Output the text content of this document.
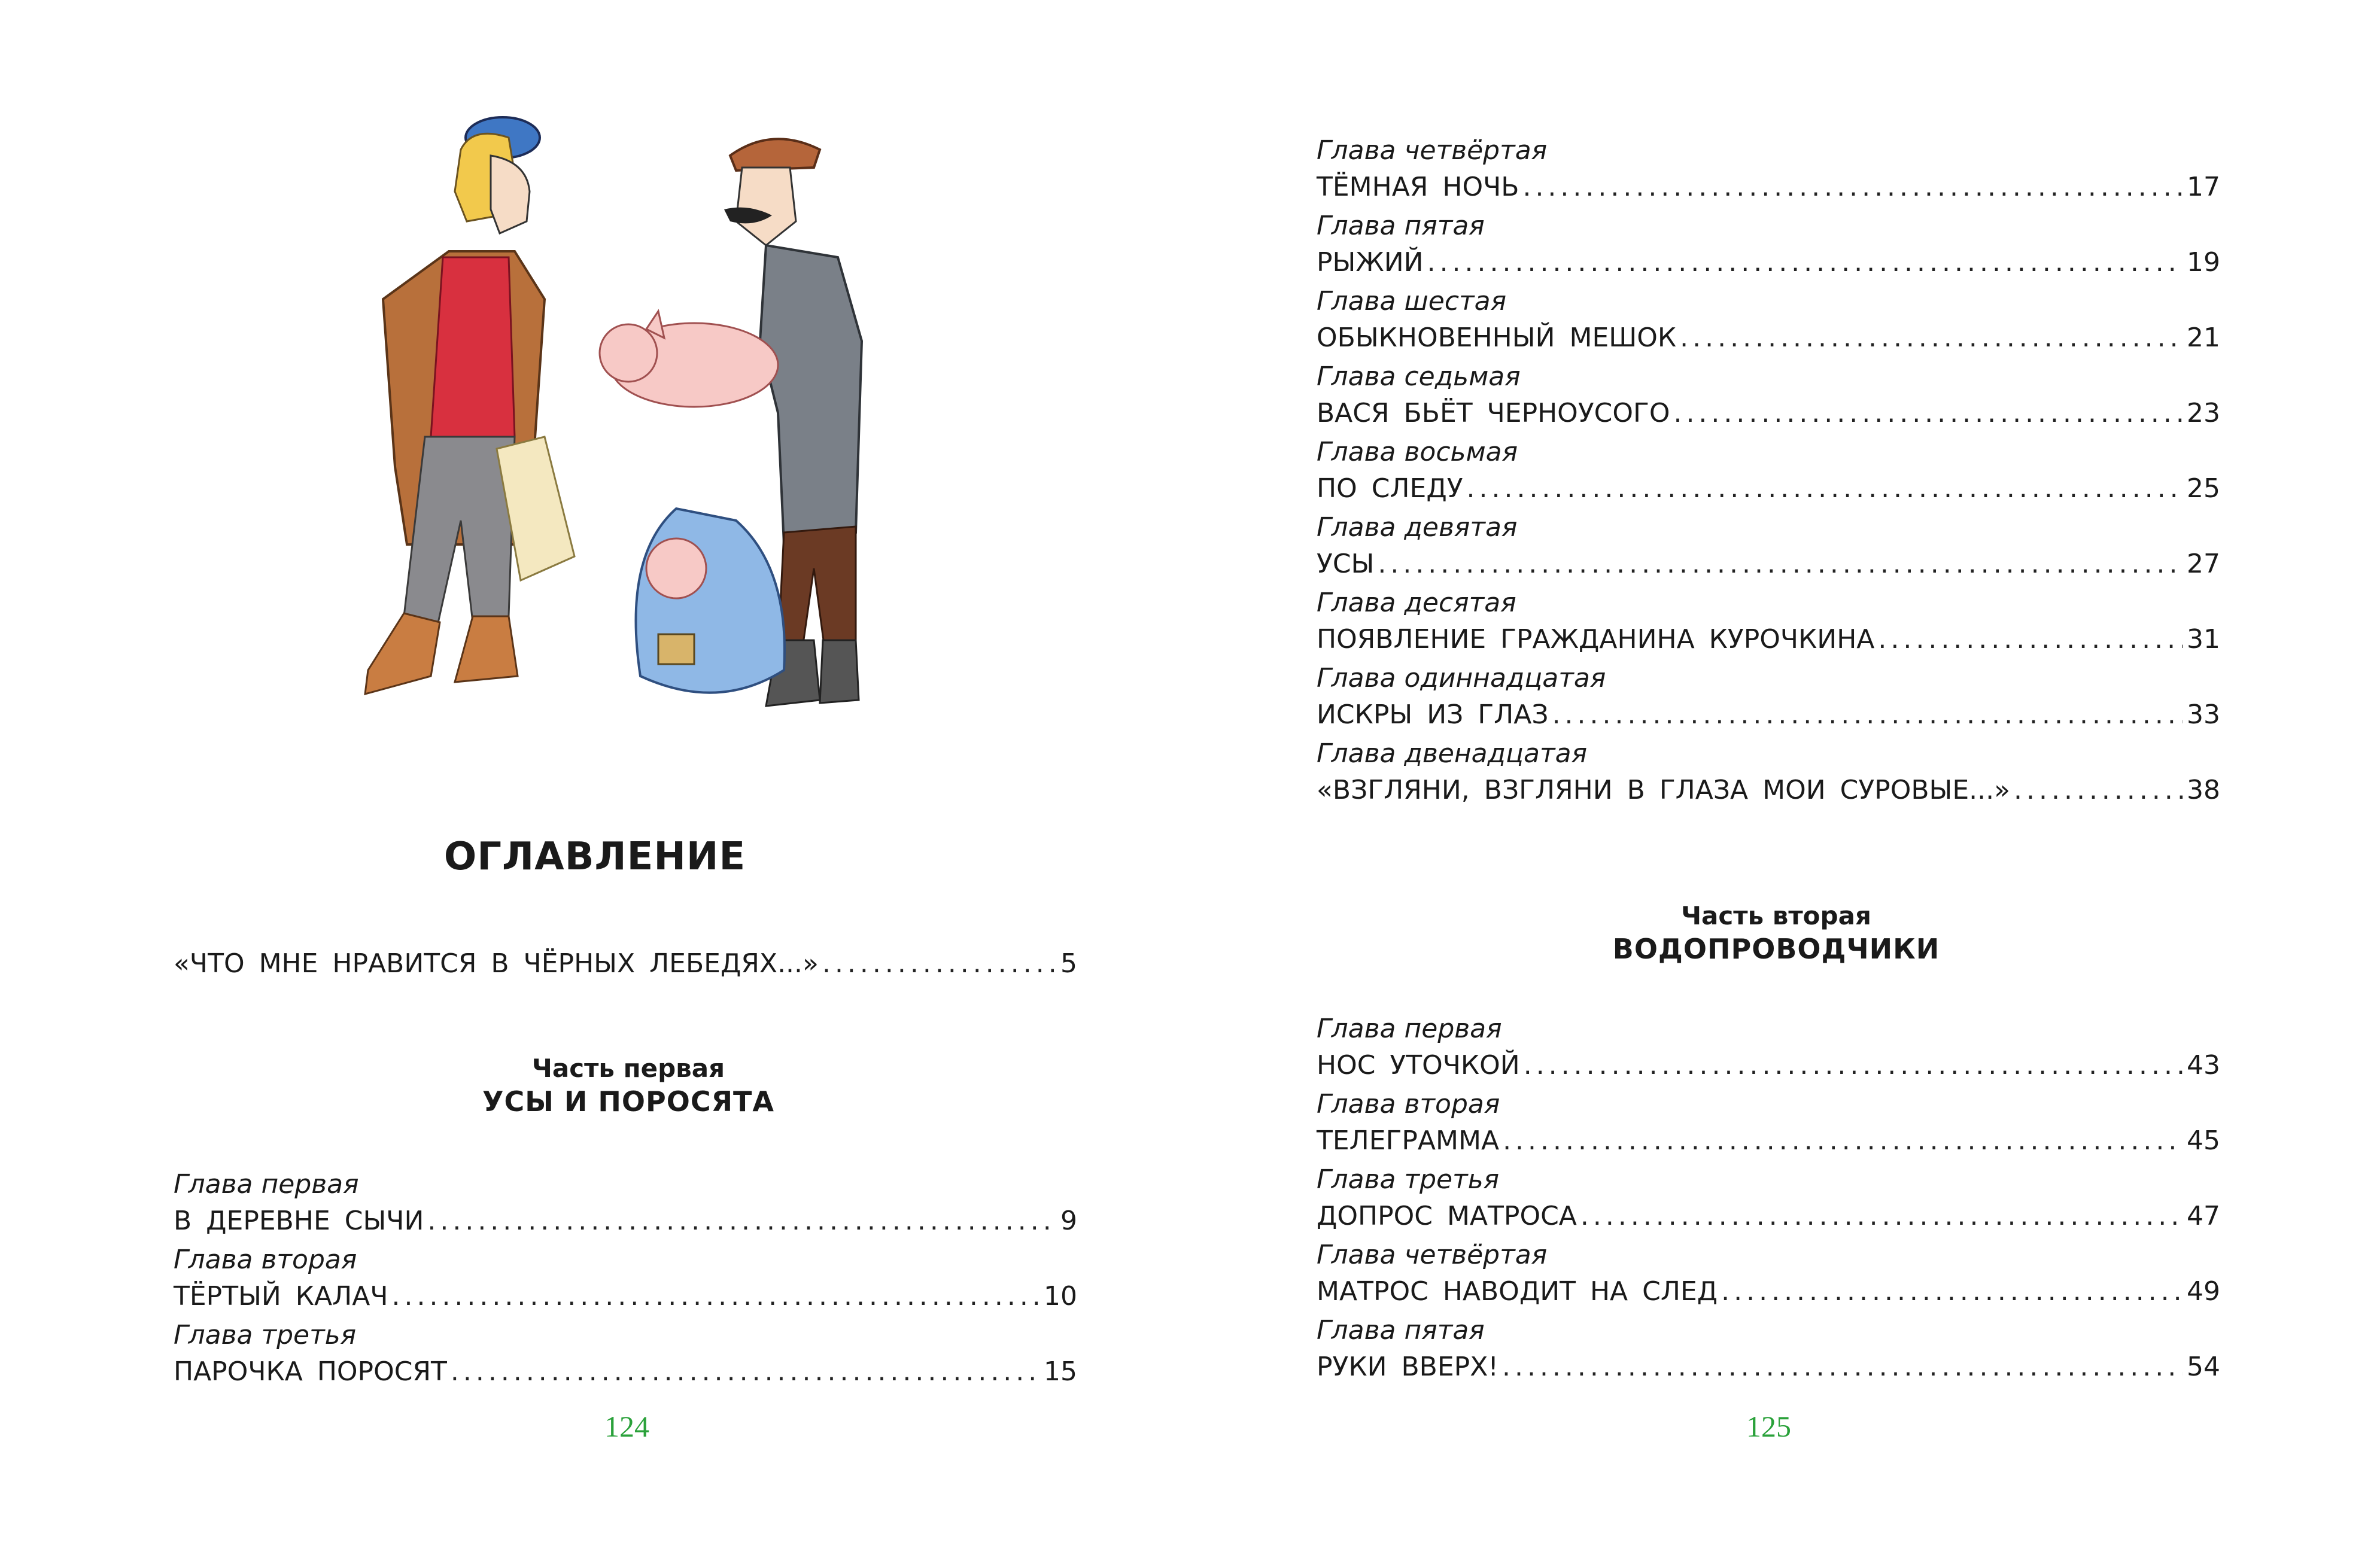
ОГЛАВЛЕНИЕ
«ЧТО МНЕ НРАВИТСЯ В ЧЁРНЫХ ЛЕБЕДЯХ...» .....	5
Часть первая
УСЫ И ПОРОСЯТА
Глава первая
В ДЕРЕВНЕ СЫЧИ .....	9
Глава вторая
ТЁРТЫЙ КАЛАЧ .....	10
Глава третья
ПАРОЧКА ПОРОСЯТ .....	15
124
Глава четвёртая
ТЁМНАЯ НОЧЬ .....	17
Глава пятая
РЫЖИЙ .....	19
Глава шестая
ОБЫКНОВЕННЫЙ МЕШОК .....	21
Глава седьмая
ВАСЯ БЬЁТ ЧЕРНОУСОГО .....	23
Глава восьмая
ПО СЛЕДУ .....	25
Глава девятая
УСЫ .....	27
Глава десятая
ПОЯВЛЕНИЕ ГРАЖДАНИНА КУРОЧКИНА .....	31
Глава одиннадцатая
ИСКРЫ ИЗ ГЛАЗ .....	33
Глава двенадцатая
«ВЗГЛЯНИ, ВЗГЛЯНИ В ГЛАЗА МОИ СУРОВЫЕ...» .....	38
Часть вторая
ВОДОПРОВОДЧИКИ
Глава первая
НОС УТОЧКОЙ .....	43
Глава вторая
ТЕЛЕГРАММА .....	45
Глава третья
ДОПРОС МАТРОСА .....	47
Глава четвёртая
МАТРОС НАВОДИТ НА СЛЕД .....	49
Глава пятая
РУКИ ВВЕРХ! .....	54
125
